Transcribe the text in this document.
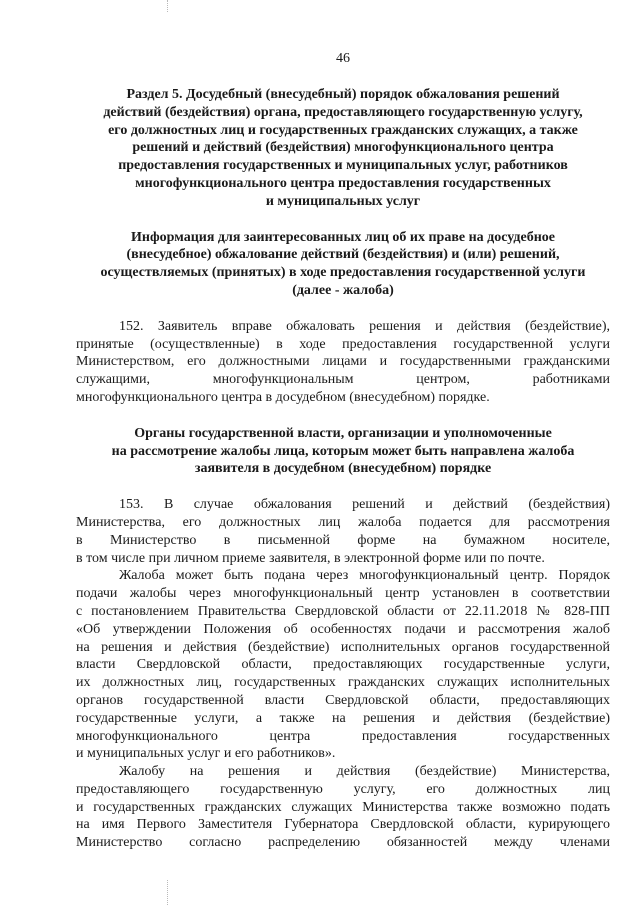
46
Раздел 5. Досудебный (внесудебный) порядок обжалования решений
действий (бездействия) органа, предоставляющего государственную услугу,
его должностных лиц и государственных гражданских служащих, а также
решений и действий (бездействия) многофункционального центра
предоставления государственных и муниципальных услуг, работников
многофункционального центра предоставления государственных
и муниципальных услуг
Информация для заинтересованных лиц об их праве на досудебное
(внесудебное) обжалование действий (бездействия) и (или) решений,
осуществляемых (принятых) в ходе предоставления государственной услуги
(далее - жалоба)
152. Заявитель вправе обжаловать решения и действия (бездействие),
принятые (осуществленные) в ходе предоставления государственной услуги
Министерством, его должностными лицами и государственными гражданскими
служащими, многофункциональным центром, работниками
многофункционального центра в досудебном (внесудебном) порядке.
Органы государственной власти, организации и уполномоченные
на рассмотрение жалобы лица, которым может быть направлена жалоба
заявителя в досудебном (внесудебном) порядке
153. В случае обжалования решений и действий (бездействия)
Министерства, его должностных лиц жалоба подается для рассмотрения
в Министерство в письменной форме на бумажном носителе,
в том числе при личном приеме заявителя, в электронной форме или по почте.
Жалоба может быть подана через многофункциональный центр. Порядок
подачи жалобы через многофункциональный центр установлен в соответствии
с постановлением Правительства Свердловской области от 22.11.2018 № 828-ПП
«Об утверждении Положения об особенностях подачи и рассмотрения жалоб
на решения и действия (бездействие) исполнительных органов государственной
власти Свердловской области, предоставляющих государственные услуги,
их должностных лиц, государственных гражданских служащих исполнительных
органов государственной власти Свердловской области, предоставляющих
государственные услуги, а также на решения и действия (бездействие)
многофункционального центра предоставления государственных
и муниципальных услуг и его работников».
Жалобу на решения и действия (бездействие) Министерства,
предоставляющего государственную услугу, его должностных лиц
и государственных гражданских служащих Министерства также возможно подать
на имя Первого Заместителя Губернатора Свердловской области, курирующего
Министерство согласно распределению обязанностей между членами
